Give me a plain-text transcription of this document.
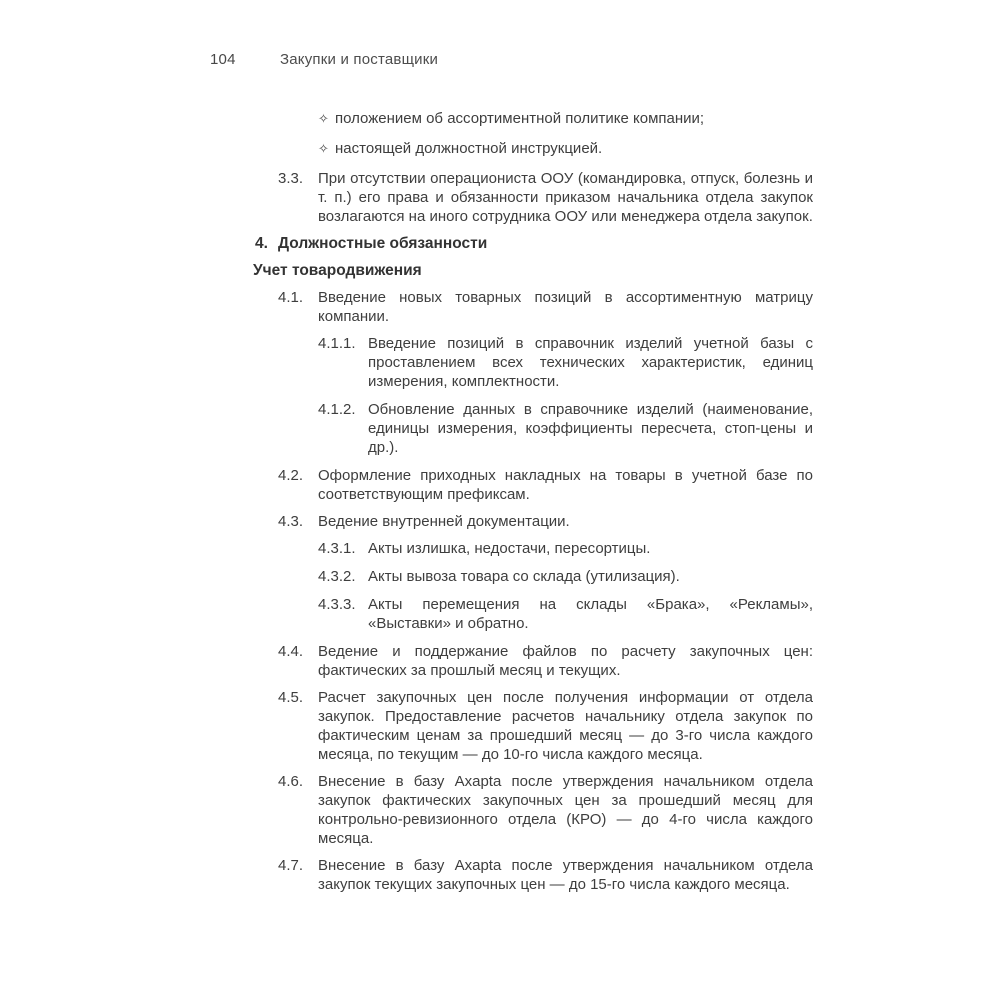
104	Закупки и поставщики
✧ положением об ассортиментной политике компании;
✧ настоящей должностной инструкцией.
3.3. При отсутствии операциониста ООУ (командировка, отпуск, болезнь и т. п.) его права и обязанности приказом начальника отдела закупок возлагаются на иного сотрудника ООУ или менеджера отдела закупок.
4. Должностные обязанности
Учет товародвижения
4.1. Введение новых товарных позиций в ассортиментную матрицу компании.
4.1.1. Введение позиций в справочник изделий учетной базы с проставлением всех технических характеристик, единиц измерения, комплектности.
4.1.2. Обновление данных в справочнике изделий (наименование, единицы измерения, коэффициенты пересчета, стоп-цены и др.).
4.2. Оформление приходных накладных на товары в учетной базе по соответствующим префиксам.
4.3. Ведение внутренней документации.
4.3.1. Акты излишка, недостачи, пересортицы.
4.3.2. Акты вывоза товара со склада (утилизация).
4.3.3. Акты перемещения на склады «Брака», «Рекламы», «Выставки» и обратно.
4.4. Ведение и поддержание файлов по расчету закупочных цен: фактических за прошлый месяц и текущих.
4.5. Расчет закупочных цен после получения информации от отдела закупок. Предоставление расчетов начальнику отдела закупок по фактическим ценам за прошедший месяц — до 3-го числа каждого месяца, по текущим — до 10-го числа каждого месяца.
4.6. Внесение в базу Axapta после утверждения начальником отдела закупок фактических закупочных цен за прошедший месяц для контрольно-ревизионного отдела (КРО) — до 4-го числа каждого месяца.
4.7. Внесение в базу Axapta после утверждения начальником отдела закупок текущих закупочных цен — до 15-го числа каждого месяца.
